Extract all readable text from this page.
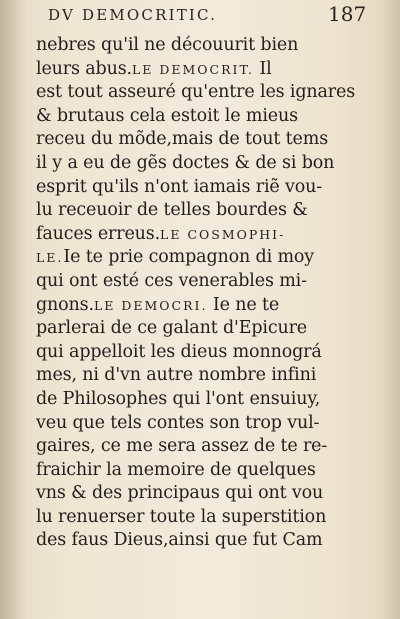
DV DEMOCRITIC.	187
nebres qu'il ne découurit bien
leurs abus.LE DEMOCRIT. Il
est tout asseuré qu'entre les ignares
& brutaus cela estoit le mieus
receu du mõde,mais de tout tems
il y a eu de gẽs doctes & de si bon
esprit qu'ils n'ont iamais riẽ vou-
lu receuoir de telles bourdes &
fauces erreus.LE COSMOPHI-
LE.Ie te prie compagnon di moy
qui ont esté ces venerables mi-
gnons.LE DEMOCRI. Ie ne te
parlerai de ce galant d'Epicure
qui appelloit les dieus monnográ
mes, ni d'vn autre nombre infini
de Philosophes qui l'ont ensuiuy,
veu que tels contes son trop vul-
gaires, ce me sera assez de te re-
fraichir la memoire de quelques
vns & des principaus qui ont vou
lu renuerser toute la superstition
des faus Dieus,ainsi que fut Cam
